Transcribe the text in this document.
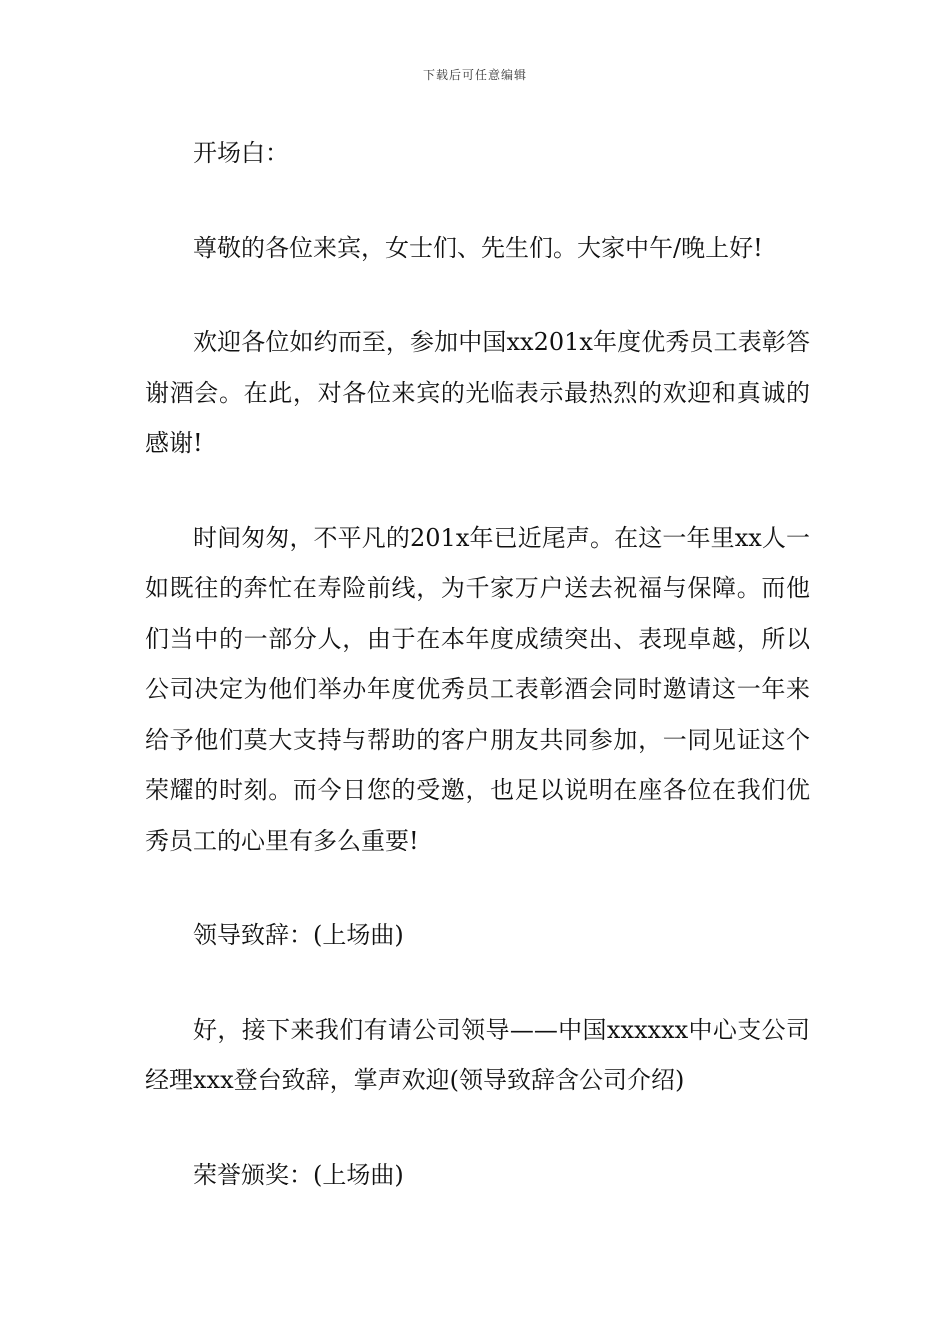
下载后可任意编辑

开场白：

尊敬的各位来宾，女士们、先生们。大家中午/晚上好!

欢迎各位如约而至，参加中国xx201x年度优秀员工表彰答谢酒会。在此，对各位来宾的光临表示最热烈的欢迎和真诚的感谢!

时间匆匆，不平凡的201x年已近尾声。在这一年里xx人一如既往的奔忙在寿险前线，为千家万户送去祝福与保障。而他们当中的一部分人，由于在本年度成绩突出、表现卓越，所以公司决定为他们举办年度优秀员工表彰酒会同时邀请这一年来给予他们莫大支持与帮助的客户朋友共同参加，一同见证这个荣耀的时刻。而今日您的受邀，也足以说明在座各位在我们优秀员工的心里有多么重要!

领导致辞：(上场曲)

好，接下来我们有请公司领导——中国xxxxxx中心支公司经理xxx登台致辞，掌声欢迎(领导致辞含公司介绍)

荣誉颁奖：(上场曲)
